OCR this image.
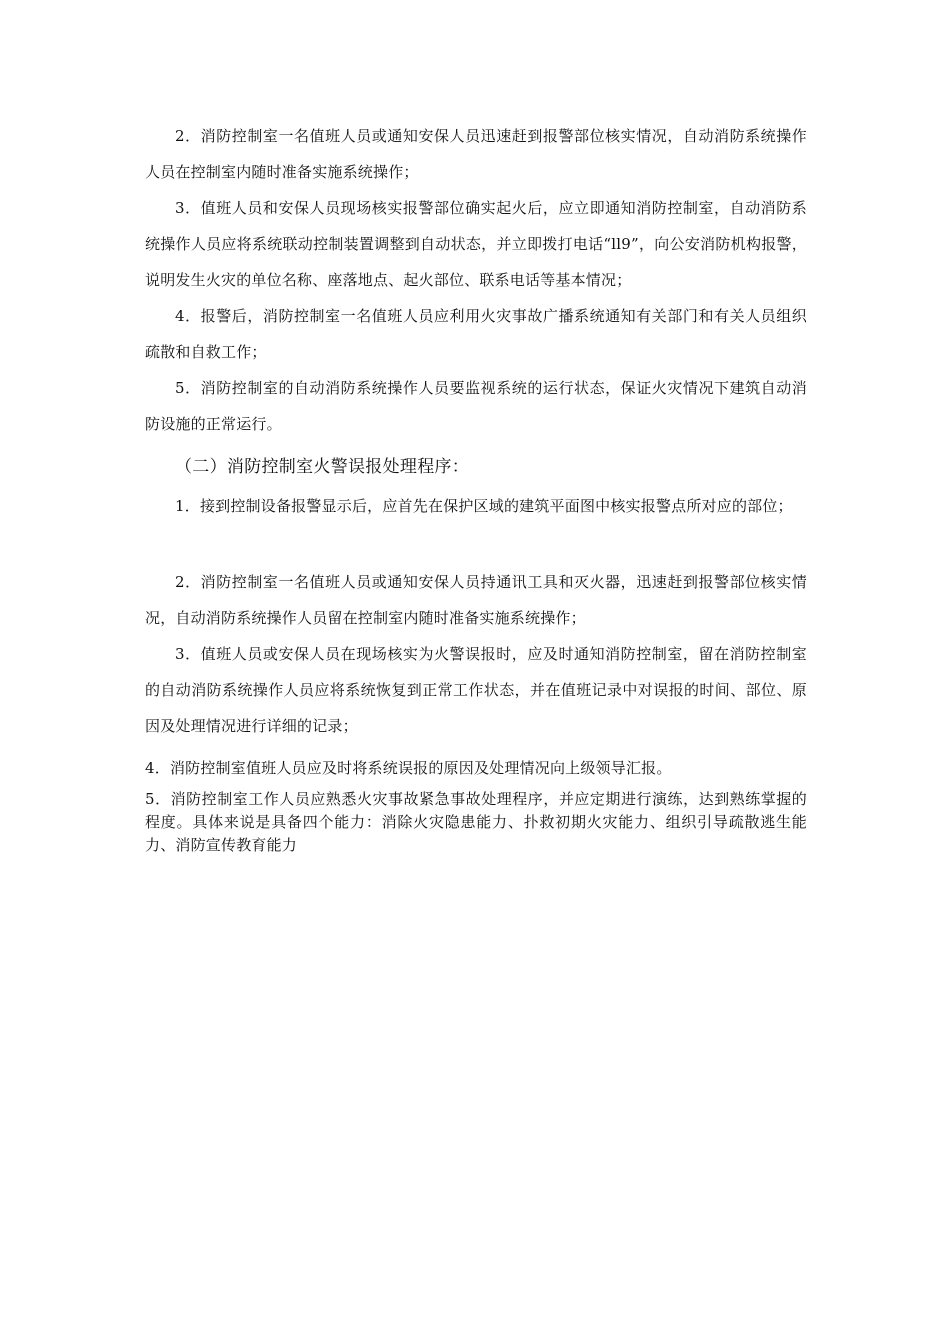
2．消防控制室一名值班人员或通知安保人员迅速赶到报警部位核实情况，自动消防系统操作人员在控制室内随时准备实施系统操作；

3．值班人员和安保人员现场核实报警部位确实起火后，应立即通知消防控制室，自动消防系统操作人员应将系统联动控制装置调整到自动状态，并立即拨打电话“ll9”，向公安消防机构报警，说明发生火灾的单位名称、座落地点、起火部位、联系电话等基本情况；

4．报警后，消防控制室一名值班人员应利用火灾事故广播系统通知有关部门和有关人员组织疏散和自救工作；

5．消防控制室的自动消防系统操作人员要监视系统的运行状态，保证火灾情况下建筑自动消防设施的正常运行。

（二）消防控制室火警误报处理程序：

1．接到控制设备报警显示后，应首先在保护区域的建筑平面图中核实报警点所对应的部位；

2．消防控制室一名值班人员或通知安保人员持通讯工具和灭火器，迅速赶到报警部位核实情况，自动消防系统操作人员留在控制室内随时准备实施系统操作；

3．值班人员或安保人员在现场核实为火警误报时，应及时通知消防控制室，留在消防控制室的自动消防系统操作人员应将系统恢复到正常工作状态，并在值班记录中对误报的时间、部位、原因及处理情况进行详细的记录；

4．消防控制室值班人员应及时将系统误报的原因及处理情况向上级领导汇报。

5．消防控制室工作人员应熟悉火灾事故紧急事故处理程序，并应定期进行演练，达到熟练掌握的程度。具体来说是具备四个能力：消除火灾隐患能力、扑救初期火灾能力、组织引导疏散逃生能力、消防宣传教育能力
